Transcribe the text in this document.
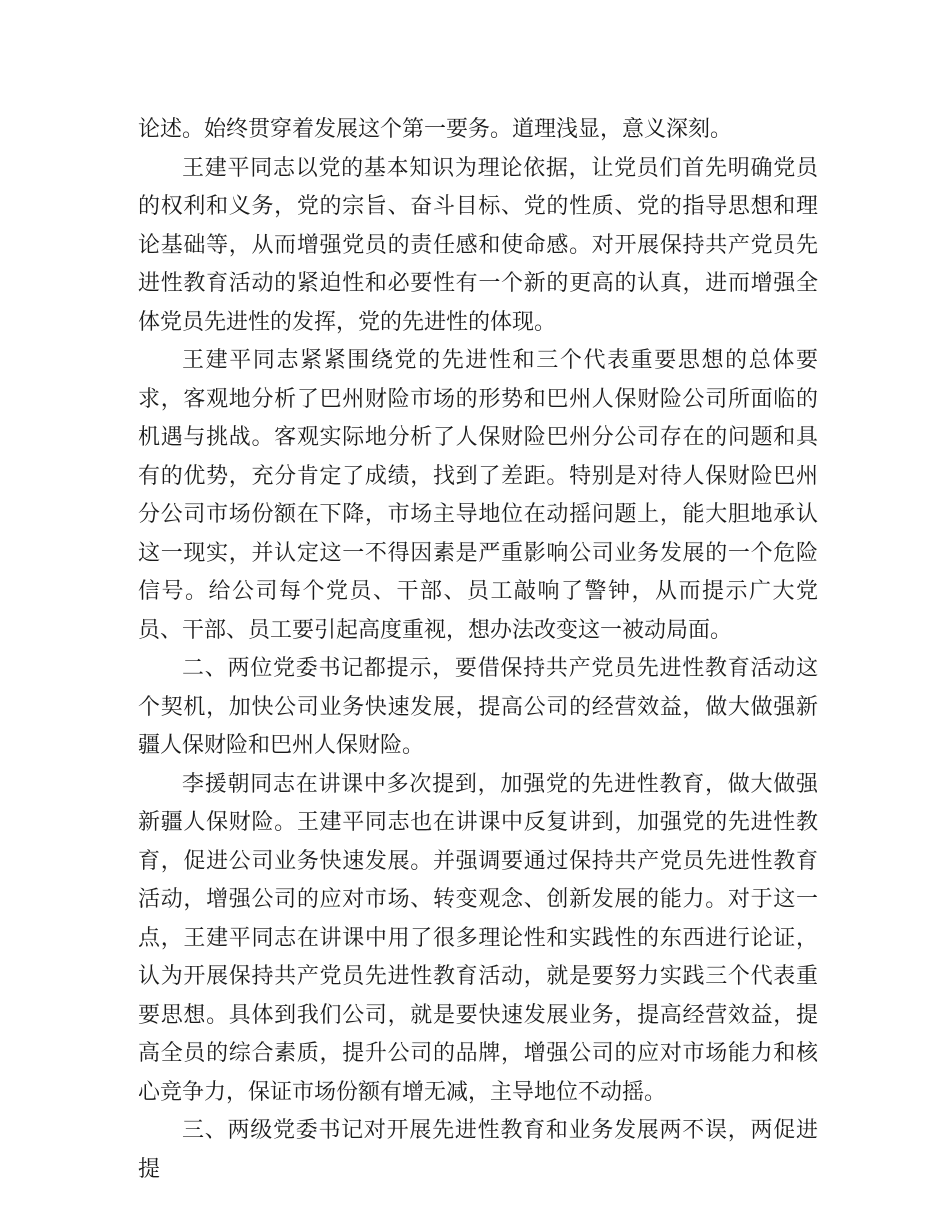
论述。始终贯穿着发展这个第一要务。道理浅显，意义深刻。

王建平同志以党的基本知识为理论依据，让党员们首先明确党员的权利和义务，党的宗旨、奋斗目标、党的性质、党的指导思想和理论基础等，从而增强党员的责任感和使命感。对开展保持共产党员先进性教育活动的紧迫性和必要性有一个新的更高的认真，进而增强全体党员先进性的发挥，党的先进性的体现。

王建平同志紧紧围绕党的先进性和三个代表重要思想的总体要求，客观地分析了巴州财险市场的形势和巴州人保财险公司所面临的机遇与挑战。客观实际地分析了人保财险巴州分公司存在的问题和具有的优势，充分肯定了成绩，找到了差距。特别是对待人保财险巴州分公司市场份额在下降，市场主导地位在动摇问题上，能大胆地承认这一现实，并认定这一不得因素是严重影响公司业务发展的一个危险信号。给公司每个党员、干部、员工敲响了警钟，从而提示广大党员、干部、员工要引起高度重视，想办法改变这一被动局面。

二、两位党委书记都提示，要借保持共产党员先进性教育活动这个契机，加快公司业务快速发展，提高公司的经营效益，做大做强新疆人保财险和巴州人保财险。

李援朝同志在讲课中多次提到，加强党的先进性教育，做大做强新疆人保财险。王建平同志也在讲课中反复讲到，加强党的先进性教育，促进公司业务快速发展。并强调要通过保持共产党员先进性教育活动，增强公司的应对市场、转变观念、创新发展的能力。对于这一点，王建平同志在讲课中用了很多理论性和实践性的东西进行论证，认为开展保持共产党员先进性教育活动，就是要努力实践三个代表重要思想。具体到我们公司，就是要快速发展业务，提高经营效益，提高全员的综合素质，提升公司的品牌，增强公司的应对市场能力和核心竞争力，保证市场份额有增无减，主导地位不动摇。

三、两级党委书记对开展先进性教育和业务发展两不误，两促进提
